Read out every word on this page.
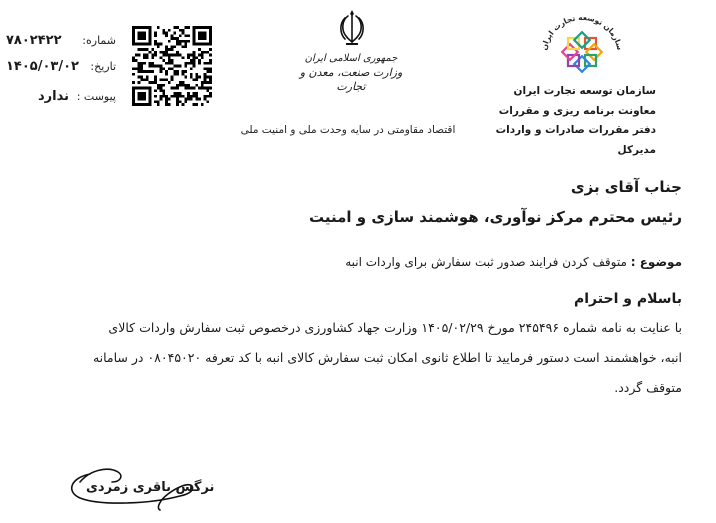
شماره:
۷۸۰۲۴۲۲
تاریخ:
۱۴۰۵/۰۳/۰۲
پیوست :
ندارد
جمهوری اسلامی ایران
وزارت صنعت، معدن و تجارت
اقتصاد مقاومتی در سایه وحدت ملی و امنیت ملی
سازمان توسعه تجارت ایران
سازمان توسعه تجارت ایران
معاونت برنامه ریزی و مقررات
دفتر مقررات صادرات و واردات
مدیرکل
جناب آقای بزی
رئیس محترم مرکز نوآوری، هوشمند سازی و امنیت
موضوع : متوقف کردن فرایند صدور ثبت سفارش برای واردات انبه
باسلام و احترام
با عنایت به نامه شماره ۲۴۵۴۹۶ مورخ ۱۴۰۵/۰۲/۲۹ وزارت جهاد کشاورزی درخصوص ثبت سفارش واردات کالای
انبه، خواهشمند است دستور فرمایید تا اطلاع ثانوی امکان ثبت سفارش کالای انبه با کد تعرفه ۰۸۰۴۵۰۲۰ در سامانه
متوقف گردد.
نرگس باقری زمردی
